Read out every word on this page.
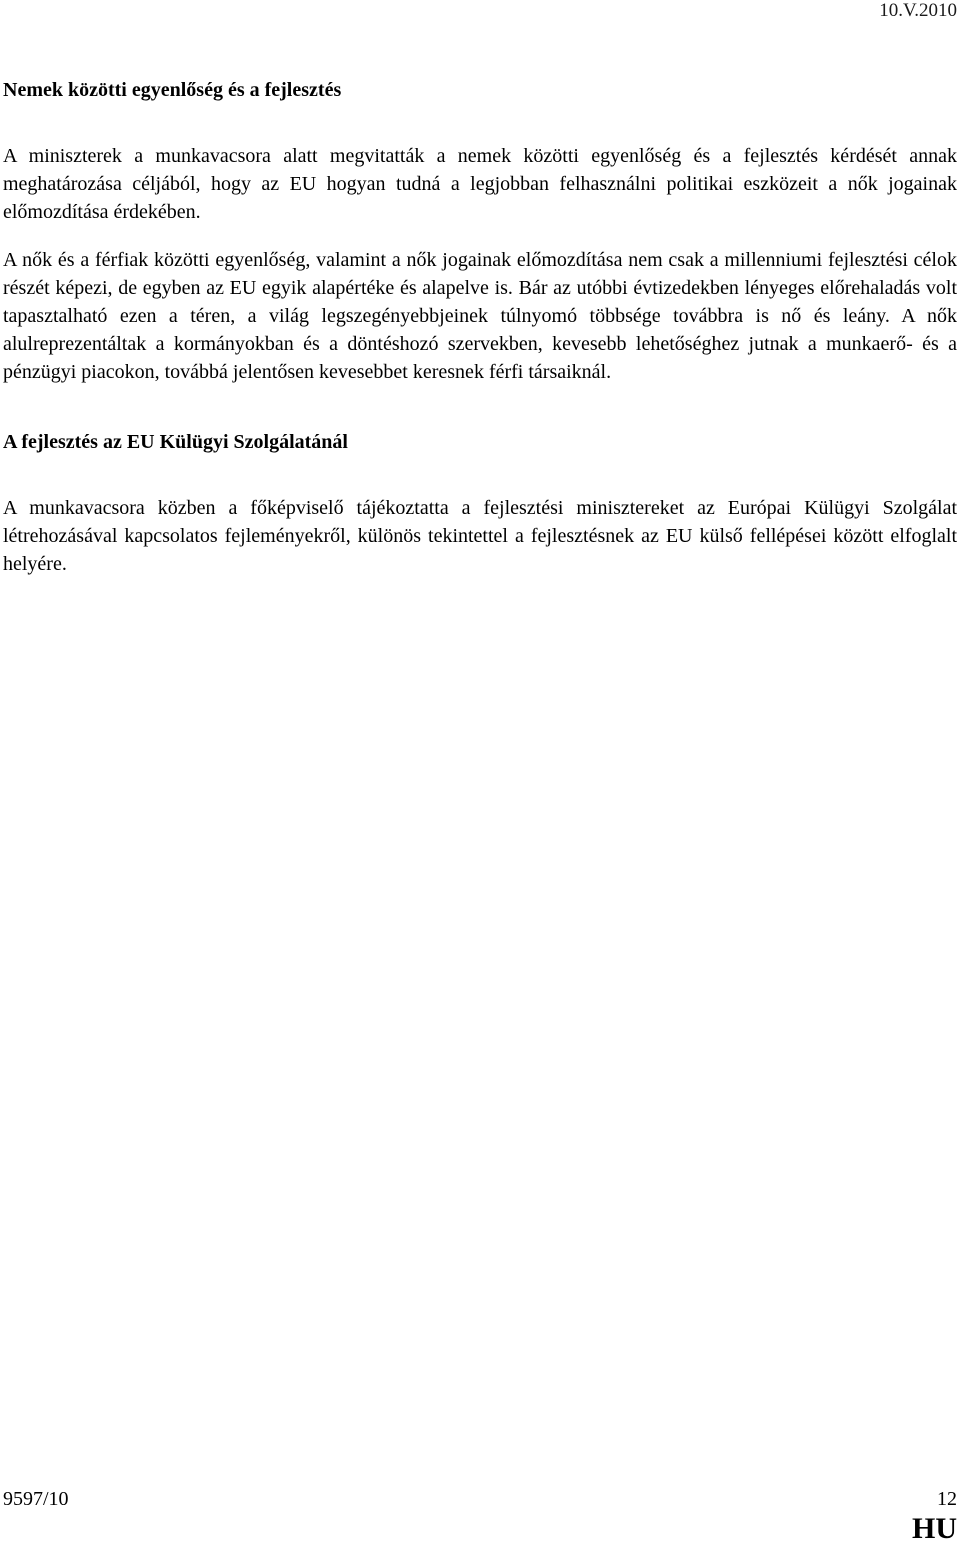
10.V.2010
Nemek közötti egyenlőség és a fejlesztés

A miniszterek a munkavacsora alatt megvitatták a nemek közötti egyenlőség és a fejlesztés kérdését annak meghatározása céljából, hogy az EU hogyan tudná a legjobban felhasználni politikai eszközeit a nők jogainak előmozdítása érdekében.

A nők és a férfiak közötti egyenlőség, valamint a nők jogainak előmozdítása nem csak a millenniumi fejlesztési célok részét képezi, de egyben az EU egyik alapértéke és alapelve is. Bár az utóbbi évtizedekben lényeges előrehaladás volt tapasztalható ezen a téren, a világ legszegényebbjeinek túlnyomó többsége továbbra is nő és leány. A nők alulreprezentáltak a kormányokban és a döntéshozó szervekben, kevesebb lehetőséghez jutnak a munkaerő- és a pénzügyi piacokon, továbbá jelentősen kevesebbet keresnek férfi társaiknál.

A fejlesztés az EU Külügyi Szolgálatánál

A munkavacsora közben a főképviselő tájékoztatta a fejlesztési minisztereket az Európai Külügyi Szolgálat létrehozásával kapcsolatos fejleményekről, különös tekintettel a fejlesztésnek az EU külső fellépései között elfoglalt helyére.

9597/10	12
HU
